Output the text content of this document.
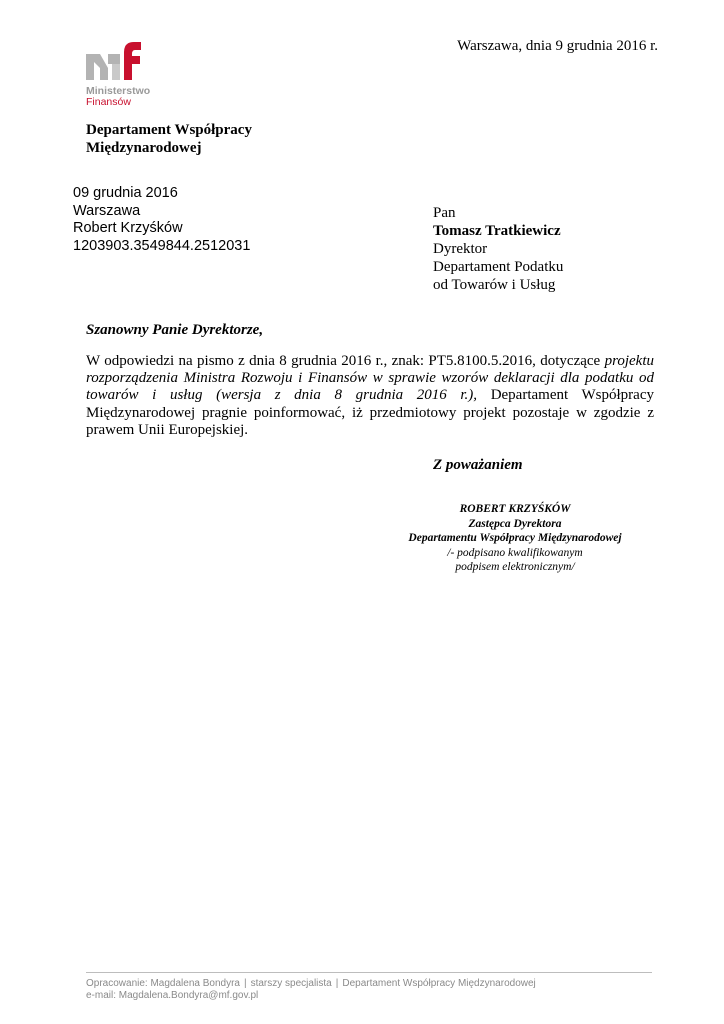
Warszawa, dnia 9 grudnia 2016 r.
Ministerstwo
Finansów
Departament Współpracy
Międzynarodowej
09 grudnia 2016
Warszawa
Robert Krzyśków
1203903.3549844.2512031
Pan
Tomasz Tratkiewicz
Dyrektor
Departament Podatku
od Towarów i Usług
Szanowny Panie Dyrektorze,
W odpowiedzi na pismo z dnia 8 grudnia 2016 r., znak: PT5.8100.5.2016, dotyczące projektu rozporządzenia Ministra Rozwoju i Finansów w sprawie wzorów deklaracji dla podatku od towarów i usług (wersja z dnia 8 grudnia 2016 r.), Departament Współpracy Międzynarodowej pragnie poinformować, iż przedmiotowy projekt pozostaje w zgodzie z prawem Unii Europejskiej.
Z poważaniem
ROBERT KRZYŚKÓW
Zastępca Dyrektora
Departamentu Współpracy Międzynarodowej
/- podpisano kwalifikowanym
podpisem elektronicznym/
Opracowanie: Magdalena Bondyra | starszy specjalista | Departament Współpracy Międzynarodowej
e-mail: Magdalena.Bondyra@mf.gov.pl
